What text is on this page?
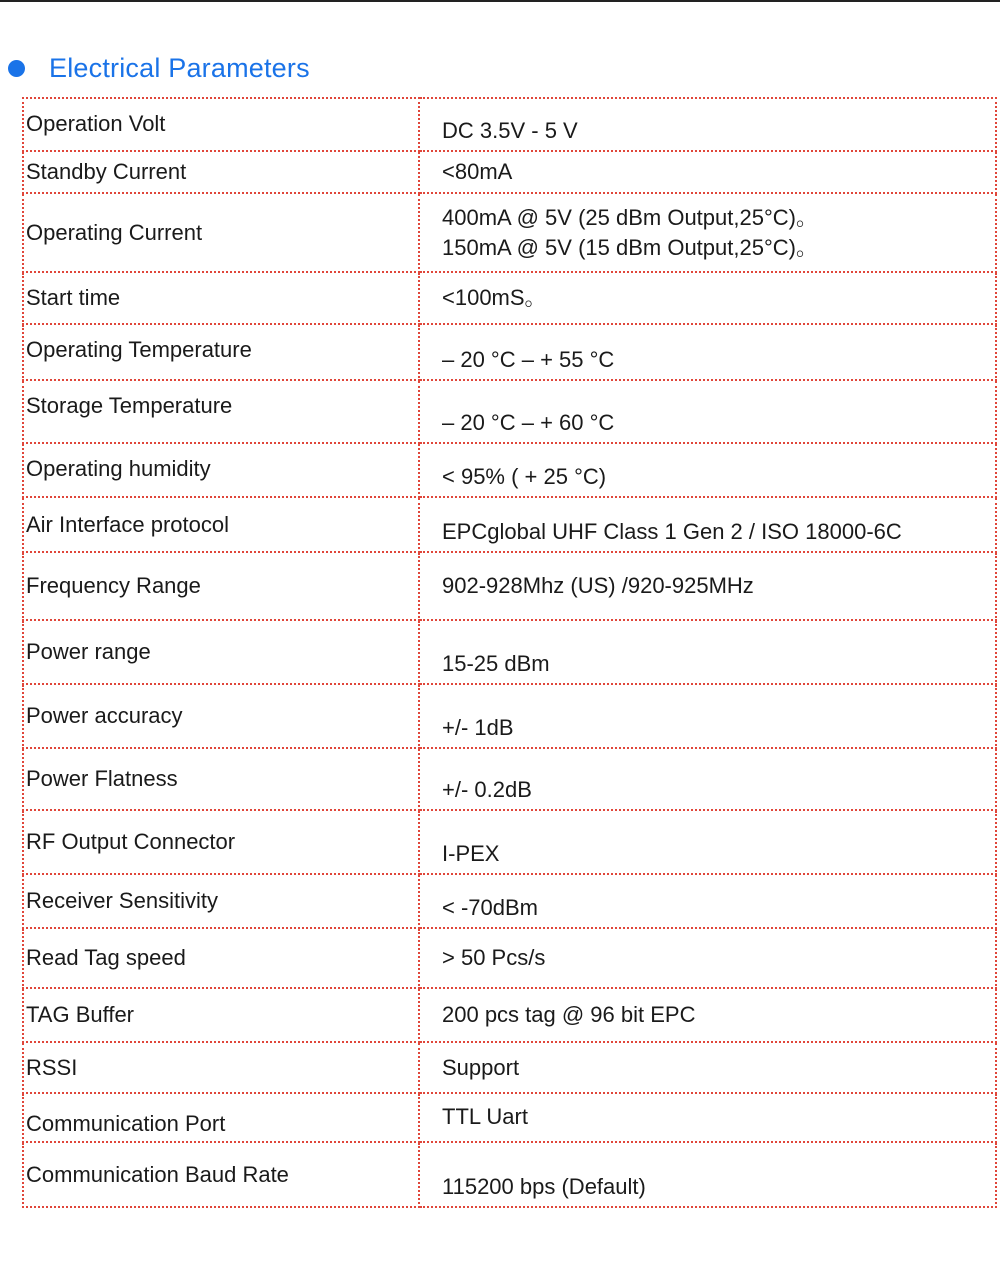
Electrical Parameters
Operation Volt	DC 3.5V - 5 V

Standby Current	<80mA

Operating Current	400mA @ 5V (25 dBm Output,25°C)。
150mA @ 5V (15 dBm Output,25°C)。

Start time	<100mS。

Operating Temperature	– 20 °C – + 55 °C

Storage Temperature	– 20 °C – + 60 °C

Operating humidity	< 95% ( + 25 °C)

Air Interface protocol	EPCglobal UHF Class 1 Gen 2 / ISO 18000-6C

Frequency Range	902-928Mhz (US) /920-925MHz

Power range	15-25 dBm

Power accuracy	+/- 1dB

Power Flatness	+/- 0.2dB

RF Output Connector	I-PEX

Receiver Sensitivity	< -70dBm

Read Tag speed	> 50 Pcs/s

TAG Buffer	200 pcs tag @ 96 bit EPC

RSSI	Support

Communication Port	TTL Uart

Communication Baud Rate	115200 bps (Default)
